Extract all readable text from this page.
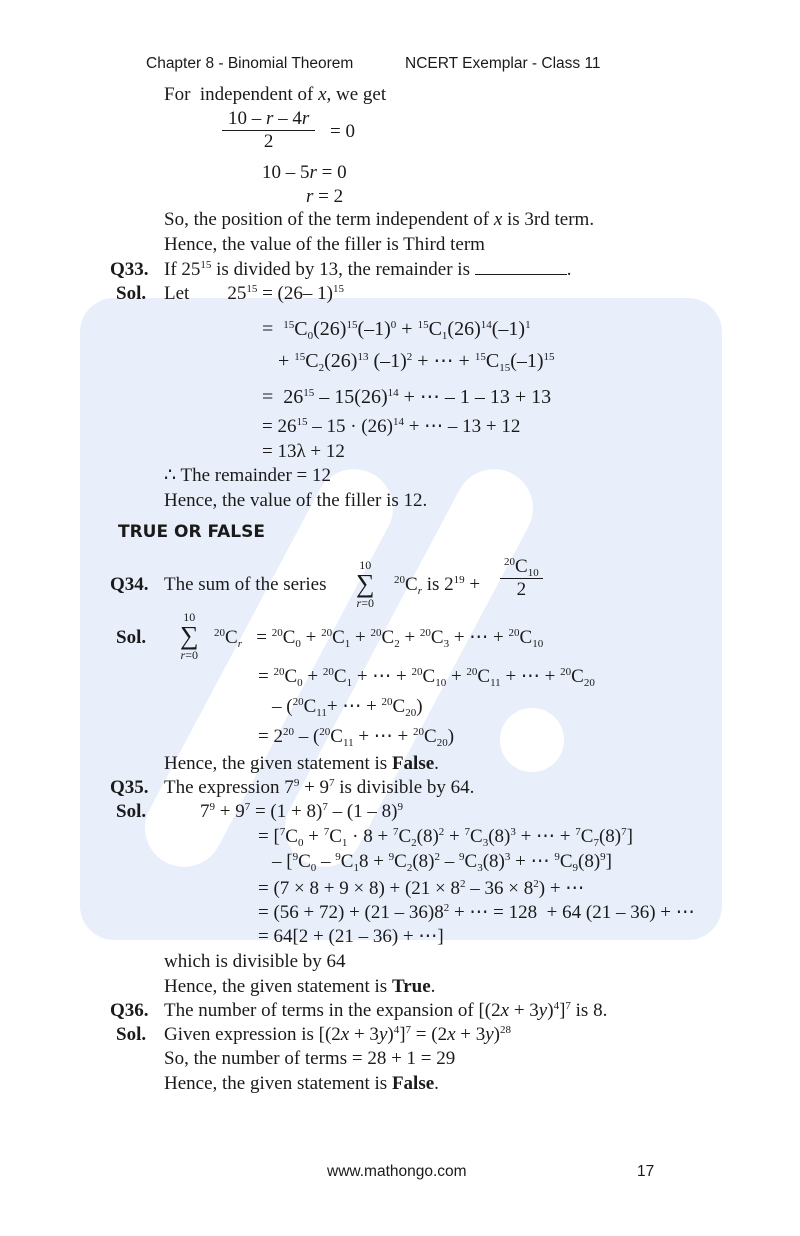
Chapter 8 - Binomial Theorem	NCERT Exemplar - Class 11
For  independent of x, we get
$\frac{10 - r - 4r}{2} = 0$
10 – 5r = 0
r = 2
So, the position of the term independent of x is 3rd term.
Hence, the value of the filler is Third term
Q33. If $25^{15}$ is divided by 13, the remainder is	.
Sol. Let        $25^{15} = (26-$ 1)$^{15}$
=  $^{15}C_0(26)^{15}(-1)^0 + ^{15}C_1(26)^{14}(-1)^1$
+ $^{15}C_2(26)^{13}$ $(-1)^2$ + ⋯ + $^{15}C_{15}(-1)^{15}$
=  $26^{15} - 15(26)^{14}$ + ⋯ – 1 – 13 + 13
= $26^{15} - 15 \cdot (26)^{14}$ + ⋯ – 13 + 12
= 13λ + 12
∴ The remainder = 12
Hence, the value of the filler is 12.
TRUE OR FALSE
Q34. The sum of the series
10
∑
r=0
$^{20}C_r$ is $2^{19} + \frac{^{20}C_{10}}{2}$
Sol.
10
∑
r=0
$^{20}C_r = ^{20}C_0 + ^{20}C_1 + ^{20}C_2 + ^{20}C_3$ + ⋯ + $^{20}C_{10}$
= $^{20}C_0 + ^{20}C_1$ + ⋯ + $^{20}C_{10} + ^{20}C_{11}$ + ⋯ + $^{20}C_{20}$
– ($^{20}C_{11}+$ ⋯ + $^{20}C_{20}$)
= $2^{20} - (^{20}C_{11}$ + ⋯ + $^{20}C_{20}$)
Hence, the given statement is False.
Q35. The expression $7^9 + 9^7$ is divisible by 64.
Sol.	$7^9 + 9^7 = (1 + 8)^7 - (1 - 8)^9$
= [$^7C_0 + ^7C_1 \cdot 8 + ^7C_2(8)^2 + ^7C_3(8)^3$ + ⋯ + $^7C_7(8)^7$]
– [$^9C_0 - ^9C_18 + ^9C_2(8)^2 - ^9C_3(8)^3$ + ⋯ $^9C_9(8)^9$]
= $(7 \times 8 + 9 \times 8) + (21 \times 8^2 - 36 \times 8^2)$ + ⋯
= $(56 + 72) + (21 - 36)8^2$ + ⋯ = 128  + 64 (21 – 36) + ⋯
= 64[2 + (21 – 36) + ⋯]
which is divisible by 64
Hence, the given statement is True.
Q36. The number of terms in the expansion of $[(2x + 3y)^4]^7$ is 8.
Sol. Given expression is $[(2x + 3y)^4]^7 = (2x + 3y)^{28}$
So, the number of terms = 28 + 1 = 29
Hence, the given statement is False.
www.mathongo.com	17
